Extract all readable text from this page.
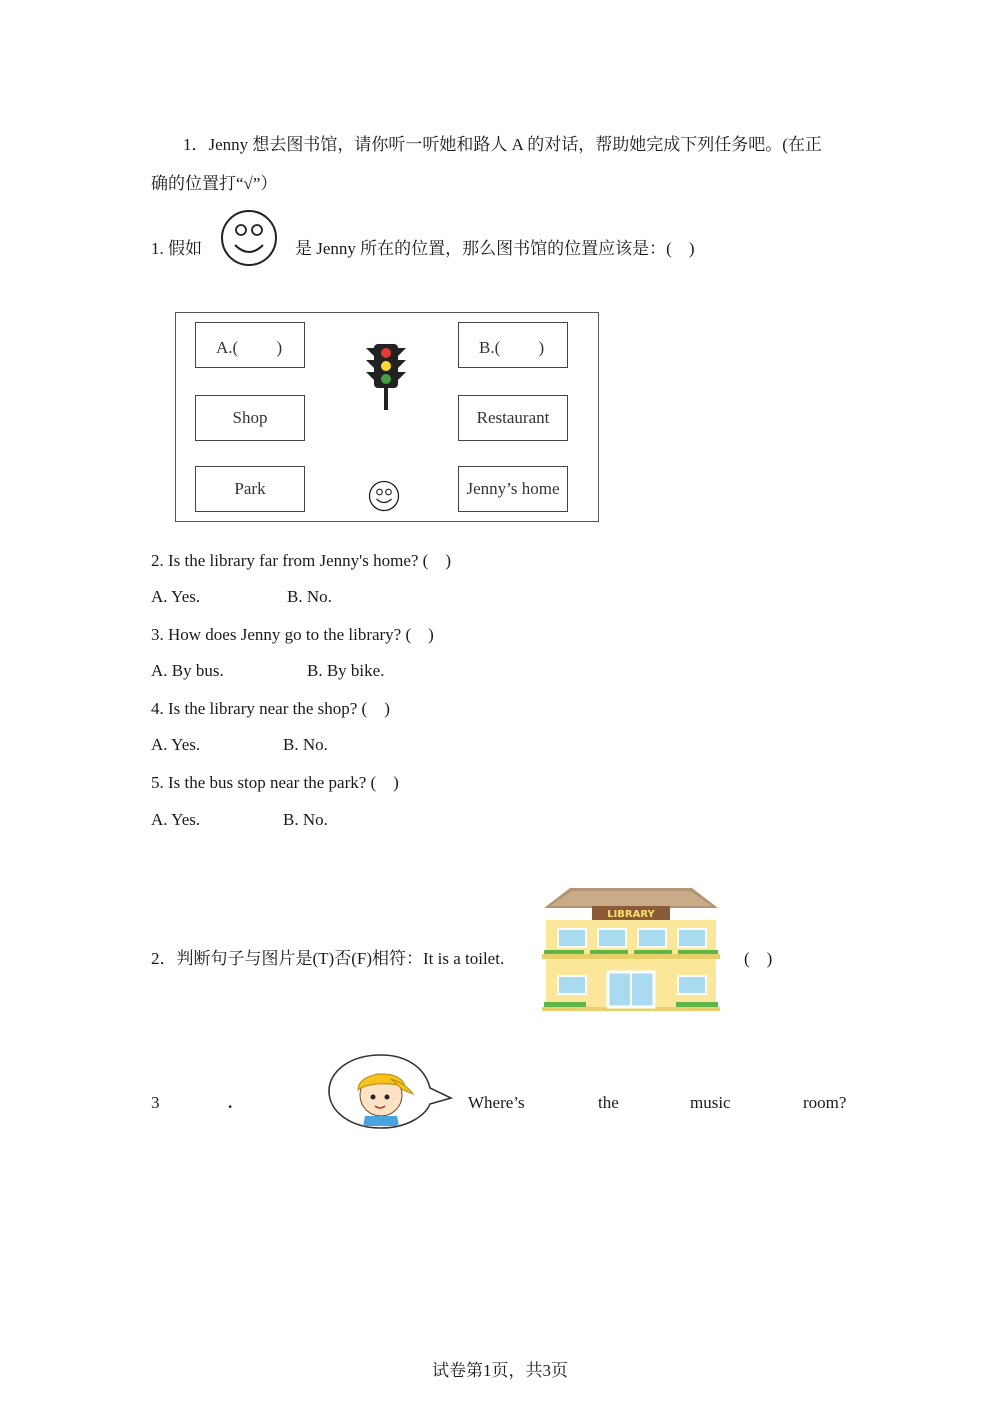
1．Jenny 想去图书馆，请你听一听她和路人 A 的对话，帮助她完成下列任务吧。(在正
确的位置打“√”）
1. 假如	是 Jenny 所在的位置，那么图书馆的位置应该是：(　)
A.(　　 )	B.(　　 )
Shop	Restaurant
Park	Jenny’s home
2. Is the library far from Jenny's home? (　)
A. Yes.	B. No.
3. How does Jenny go to the library? (　)
A. By bus.	B. By bike.
4. Is the library near the shop? (　)
A. Yes.	B. No.
5. Is the bus stop near the park? (　)
A. Yes.	B. No.
2．判断句子与图片是(T)否(F)相符：It is a toilet.
LIBRARY
(　)
3	.	Where’s	the	music	room?
试卷第1页，共3页
